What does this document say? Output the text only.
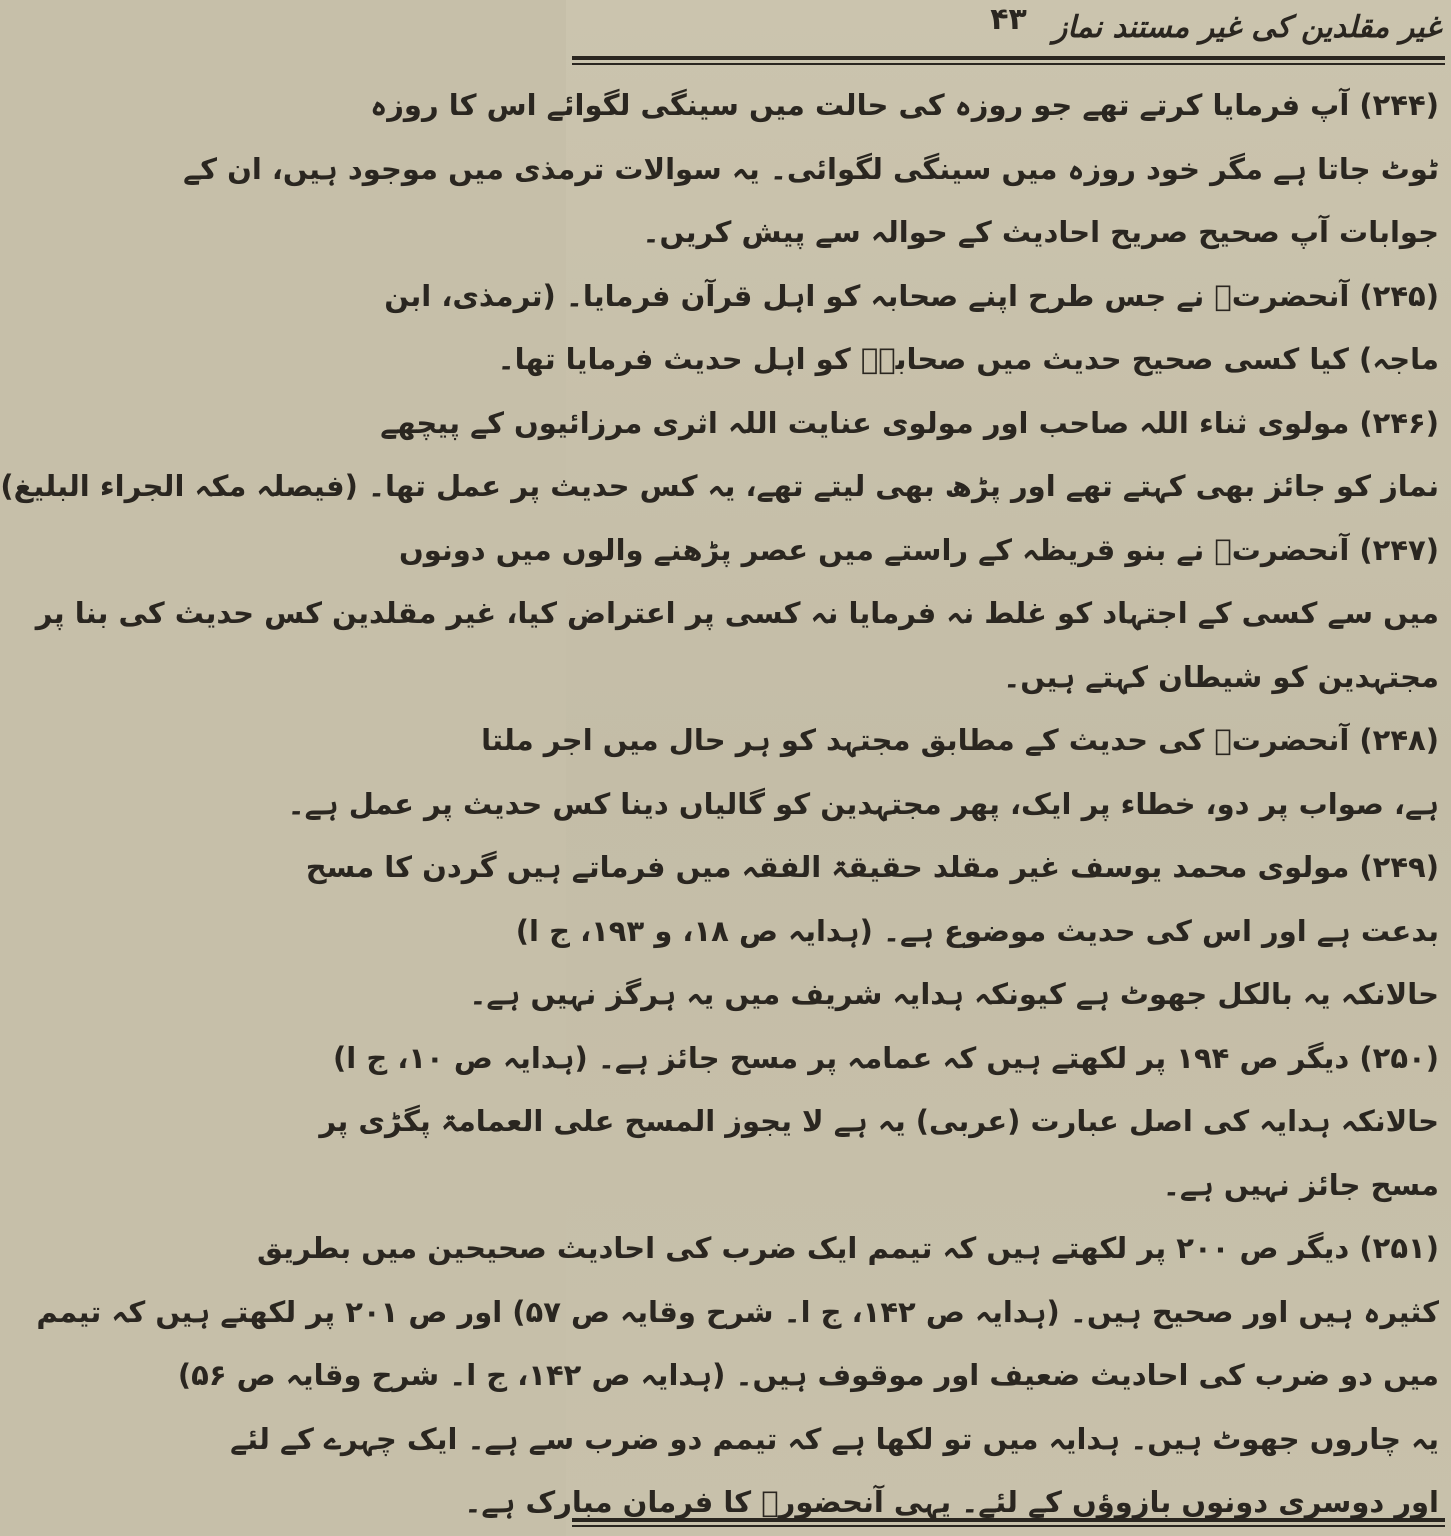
۴۳ غیر مقلدین کی غیر مستند نماز
(۲۴۴) آپ فرمایا کرتے تھے جو روزہ کی حالت میں سینگی لگوائے اس کا روزہ
ٹوٹ جاتا ہے مگر خود روزہ میں سینگی لگوائی۔ یہ سوالات ترمذی میں موجود ہیں، ان کے
جوابات آپ صحیح صریح احادیث کے حوالہ سے پیش کریں۔
(۲۴۵) آنحضرتؐ نے جس طرح اپنے صحابہ کو اہل قرآن فرمایا۔ (ترمذی، ابن
ماجہ) کیا کسی صحیح حدیث میں صحابہؓ کو اہل حدیث فرمایا تھا۔
(۲۴۶) مولوی ثناء اللہ صاحب اور مولوی عنایت اللہ اثری مرزائیوں کے پیچھے
نماز کو جائز بھی کہتے تھے اور پڑھ بھی لیتے تھے، یہ کس حدیث پر عمل تھا۔ (فیصلہ مکہ الجراء البلیغ)
(۲۴۷) آنحضرتؐ نے بنو قریظہ کے راستے میں عصر پڑھنے والوں میں دونوں
میں سے کسی کے اجتہاد کو غلط نہ فرمایا نہ کسی پر اعتراض کیا، غیر مقلدین کس حدیث کی بنا پر
مجتہدین کو شیطان کہتے ہیں۔
(۲۴۸) آنحضرتؐ کی حدیث کے مطابق مجتہد کو ہر حال میں اجر ملتا
ہے، صواب پر دو، خطاء پر ایک، پھر مجتہدین کو گالیاں دینا کس حدیث پر عمل ہے۔
(۲۴۹) مولوی محمد یوسف غیر مقلد حقیقۃ الفقہ میں فرماتے ہیں گردن کا مسح
بدعت ہے اور اس کی حدیث موضوع ہے۔ (ہدایہ ص ۱۸، و ۱۹۳، ج ا)
حالانکہ یہ بالکل جھوٹ ہے کیونکہ ہدایہ شریف میں یہ ہرگز نہیں ہے۔
(۲۵۰) دیگر ص ۱۹۴ پر لکھتے ہیں کہ عمامہ پر مسح جائز ہے۔ (ہدایہ ص ۱۰، ج ا)
حالانکہ ہدایہ کی اصل عبارت (عربی) یہ ہے لا یجوز المسح علی العمامۃ پگڑی پر
مسح جائز نہیں ہے۔
(۲۵۱) دیگر ص ۲۰۰ پر لکھتے ہیں کہ تیمم ایک ضرب کی احادیث صحیحین میں بطریق
کثیرہ ہیں اور صحیح ہیں۔ (ہدایہ ص ۱۴۲، ج ا۔ شرح وقایہ ص ۵۷) اور ص ۲۰۱ پر لکھتے ہیں کہ تیمم
میں دو ضرب کی احادیث ضعیف اور موقوف ہیں۔ (ہدایہ ص ۱۴۲، ج ا۔ شرح وقایہ ص ۵۶)
یہ چاروں جھوٹ ہیں۔ ہدایہ میں تو لکھا ہے کہ تیمم دو ضرب سے ہے۔ ایک چہرے کے لئے
اور دوسری دونوں بازوؤں کے لئے۔ یہی آنحضورؐ کا فرمان مبارک ہے۔
